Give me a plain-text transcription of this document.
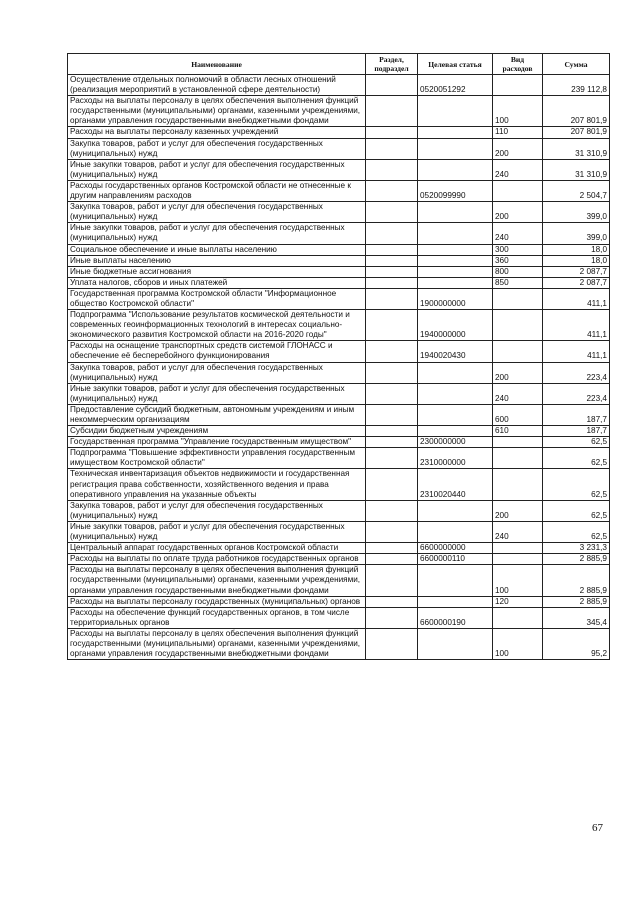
Наименование	Раздел, подраздел	Целевая статья	Вид расходов	Сумма
Осуществление отдельных полномочий в области лесных отношений (реализация мероприятий в установленной сфере деятельности)		0520051292		239 112,8
Расходы на выплаты персоналу в целях обеспечения выполнения функций государственными (муниципальными) органами, казенными учреждениями, органами управления государственными внебюджетными фондами			100	207 801,9
Расходы на выплаты персоналу казенных учреждений			110	207 801,9
Закупка товаров, работ и услуг для обеспечения государственных (муниципальных) нужд			200	31 310,9
Иные закупки товаров, работ и услуг для обеспечения государственных (муниципальных) нужд			240	31 310,9
Расходы государственных органов Костромской области не отнесенные к другим направлениям расходов		0520099990		2 504,7
Закупка товаров, работ и услуг для обеспечения государственных (муниципальных) нужд			200	399,0
Иные закупки товаров, работ и услуг для обеспечения государственных (муниципальных) нужд			240	399,0
Социальное обеспечение и иные выплаты населению			300	18,0
Иные выплаты населению			360	18,0
Иные бюджетные ассигнования			800	2 087,7
Уплата налогов, сборов и иных платежей			850	2 087,7
Государственная программа Костромской области "Информационное общество Костромской области"		1900000000		411,1
Подпрограмма "Использование результатов космической деятельности и современных геоинформационных технологий в интересах социально-экономического развития Костромской области на 2016-2020 годы"		1940000000		411,1
Расходы на оснащение транспортных средств системой ГЛОНАСС и обеспечение её бесперебойного функционирования		1940020430		411,1
Закупка товаров, работ и услуг для обеспечения государственных (муниципальных) нужд			200	223,4
Иные закупки товаров, работ и услуг для обеспечения государственных (муниципальных) нужд			240	223,4
Предоставление субсидий бюджетным, автономным учреждениям и иным некоммерческим организациям			600	187,7
Субсидии бюджетным учреждениям			610	187,7
Государственная программа "Управление государственным имуществом"		2300000000		62,5
Подпрограмма "Повышение эффективности управления государственным имуществом Костромской области"		2310000000		62,5
Техническая инвентаризация объектов недвижимости и государственная регистрация права собственности, хозяйственного ведения и права оперативного управления на указанные объекты		2310020440		62,5
Закупка товаров, работ и услуг для обеспечения государственных (муниципальных) нужд			200	62,5
Иные закупки товаров, работ и услуг для обеспечения государственных (муниципальных) нужд			240	62,5
Центральный аппарат государственных органов Костромской области		6600000000		3 231,3
Расходы на выплаты по оплате труда работников государственных органов		6600000110		2 885,9
Расходы на выплаты персоналу в целях обеспечения выполнения функций государственными (муниципальными) органами, казенными учреждениями, органами управления государственными внебюджетными фондами			100	2 885,9
Расходы на выплаты персоналу государственных (муниципальных) органов			120	2 885,9
Расходы на обеспечение функций государственных органов, в том числе территориальных органов		6600000190		345,4
Расходы на выплаты персоналу в целях обеспечения выполнения функций государственными (муниципальными) органами, казенными учреждениями, органами управления государственными внебюджетными фондами			100	95,2
67
